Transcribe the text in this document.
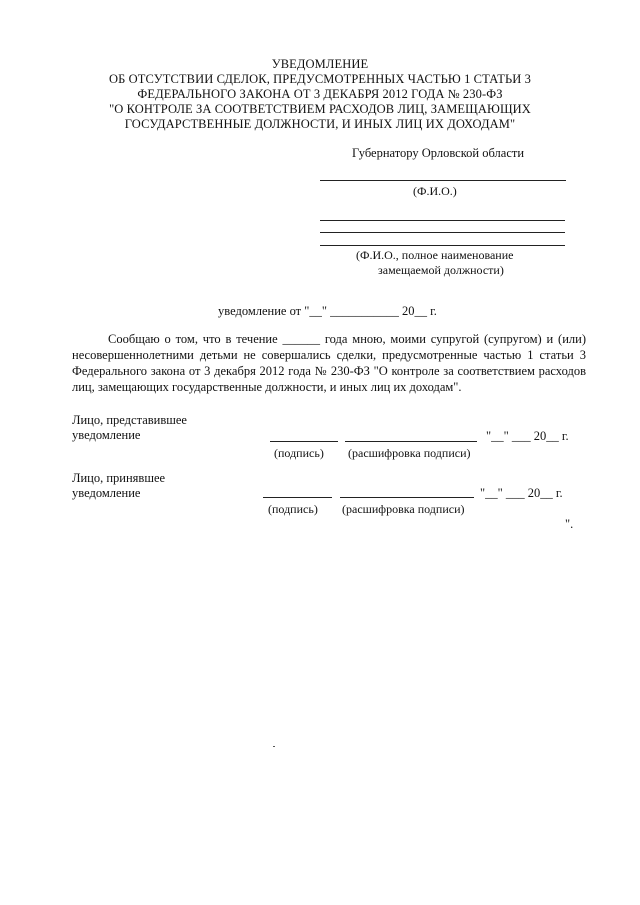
УВЕДОМЛЕНИЕ
ОБ ОТСУТСТВИИ СДЕЛОК, ПРЕДУСМОТРЕННЫХ ЧАСТЬЮ 1 СТАТЬИ 3
ФЕДЕРАЛЬНОГО ЗАКОНА ОТ 3 ДЕКАБРЯ 2012 ГОДА № 230-ФЗ
"О КОНТРОЛЕ ЗА СООТВЕТСТВИЕМ РАСХОДОВ ЛИЦ, ЗАМЕЩАЮЩИХ
ГОСУДАРСТВЕННЫЕ ДОЛЖНОСТИ, И ИНЫХ ЛИЦ ИХ ДОХОДАМ"
Губернатору Орловской области
(Ф.И.О.)
(Ф.И.О., полное наименование
замещаемой должности)
уведомление от "__" ___________ 20__ г.
Сообщаю о том, что в течение ______ года мною, моими супругой (супругом) и (или) несовершеннолетними детьми не совершались сделки, предусмотренные частью 1 статьи 3 Федерального закона от 3 декабря 2012 года № 230-ФЗ "О контроле за соответствием расходов лиц, замещающих государственные должности, и иных лиц их доходам".
Лицо, представившее
уведомление	"__" ___ 20__ г.
(подпись) (расшифровка подписи)
Лицо, принявшее
уведомление	"__" ___ 20__ г.
(подпись) (расшифровка подписи)
".
